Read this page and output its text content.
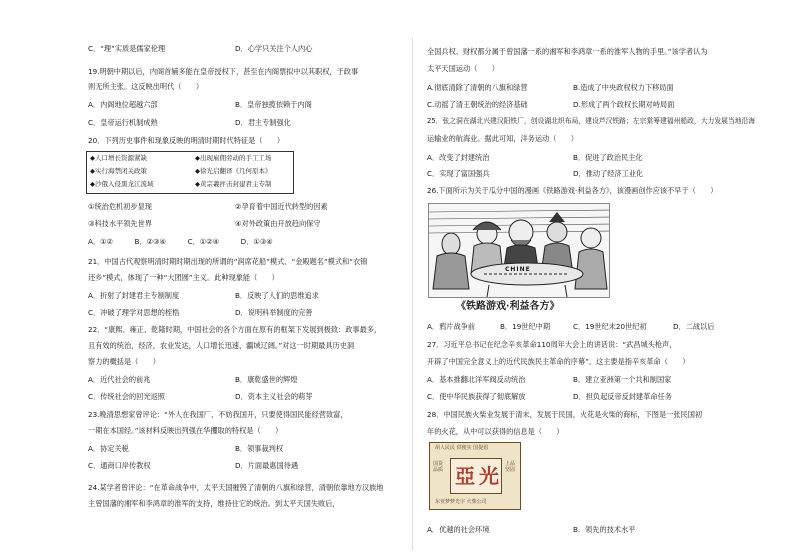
C．“理”实质是儒家伦理	D．心学只关注个人内心
19.明朝中期以后，内阁首辅多能在皇帝授权下，甚至在内阁票拟中以其职权，于政事
则无所主张。这反映出明代（　　）
A．内阁地位超越六部	B．皇帝独揽依赖于内阁
C．皇帝运行机制成熟	D．君主专制强化
20．下列历史事件和现象反映的明清时期时代特征是（　　）
◆人口增长资源紧缺	◆出现雇佣劳动的手工工场
◆实行海禁闭关政策	◆徐光启翻译《几何原本》
◆沙俄入侵黑龙江流域	◆黄宗羲抨击封建君主专制
①统治危机初步显现	②孕育着中国近代转型的因素
③科技水平领先世界	④对外政策由开放趋向保守
A．①②　　　B．②③④　　　C．①②④　　　D．①③④
21．中国古代观察明清时期时期出现的所谓的“润席花船”模式、“金殿题名”模式和“衣锦
还乡”模式，体现了一种“大团圆”主义。此种现象能（　　）
A．折射了封建君主专制制度	B．反映了人们的思维追求
C．冲破了理学对思想的桎梏	D．说明科举制度的完善
22．“康熙、雍正、乾隆时期，中国社会的各个方面在原有的框架下发展到极致：政事最多，
且有效的统治，经济，农业发达，人口增长迅速，疆域辽阔。”对这一时期最具历史洞
察力的概括是（　　）
A．近代社会的前兆	B．康乾盛世的辉煌
C．传统社会的回光返照	D．资本主义社会的萌芽
23.晚清思想家曾评论：“外人在我国厂，不妨我国开，只要使得国民能经营致富，
一期在本国经。”该材料反映出列强在华攫取的特权是（　　）
A．协定关税	B．领事裁判权
C．通商口岸传教权	D．片面最惠国待遇
24.某学者曾评论：“在革命战争中，太平天国摧毁了清朝的八旗和绿营，清朝依靠地方汉族地
主曾国藩的湘军和李鸿章的淮军的支持，维持住它的统治。到太平天国失败后，
全国兵权、财权都分属于曾国藩一系的湘军和李鸿章一系的淮军人物的手里。”该学者认为
太平天国运动（　　）
A.彻底清除了清朝的八旗和绿营	B.造成了中央政权权力下移局面
C.动摇了清王朝统治的经济基础	D.形成了两个政权长期对峙局面
25．张之洞在湖北兴建汉阳铁厂，创设湖北织布局，建设芦汉铁路；左宗棠筹建福州船政，大力发展当地沿海
运输业的航海业。据此可知，洋务运动（　　）
A．改变了封建统治	B．促进了政治民主化
C．实现了富国强兵	D．推动了经济工业化
26.下面所示为关于瓜分中国的漫画《铁路游戏·利益各方》，该漫画创作应该不早于（　　）
CHINE
《铁路游戏·利益各方》
A．鸦片战争前	B．19世纪中期	C．19世纪末20世纪初	D．二战以后
27．习近平总书记在纪念辛亥革命110周年大会上的讲话说：“武昌城头枪声，
开辟了中国完全意义上的近代民族民主革命的序幕”。这主要是指辛亥革命（　　）
A．基本推翻北洋军阀反动统治	B．建立亚洲第一个共和制国家
C．使中华民族获得了彻底解放	D．担负起反帝反封建革命任务
28．中国民族火柴业发展于清末，发展于民国，火花是火柴的商标，下图是一张民国初
年的火花，从中可以获得的信息是（　　）
胡人民民 供便实 国提倡
国货品质 亞 光 上品坚固
东亚梦梦光宇 火柴公司
A．优越的社会环境	B．领先的技术水平
